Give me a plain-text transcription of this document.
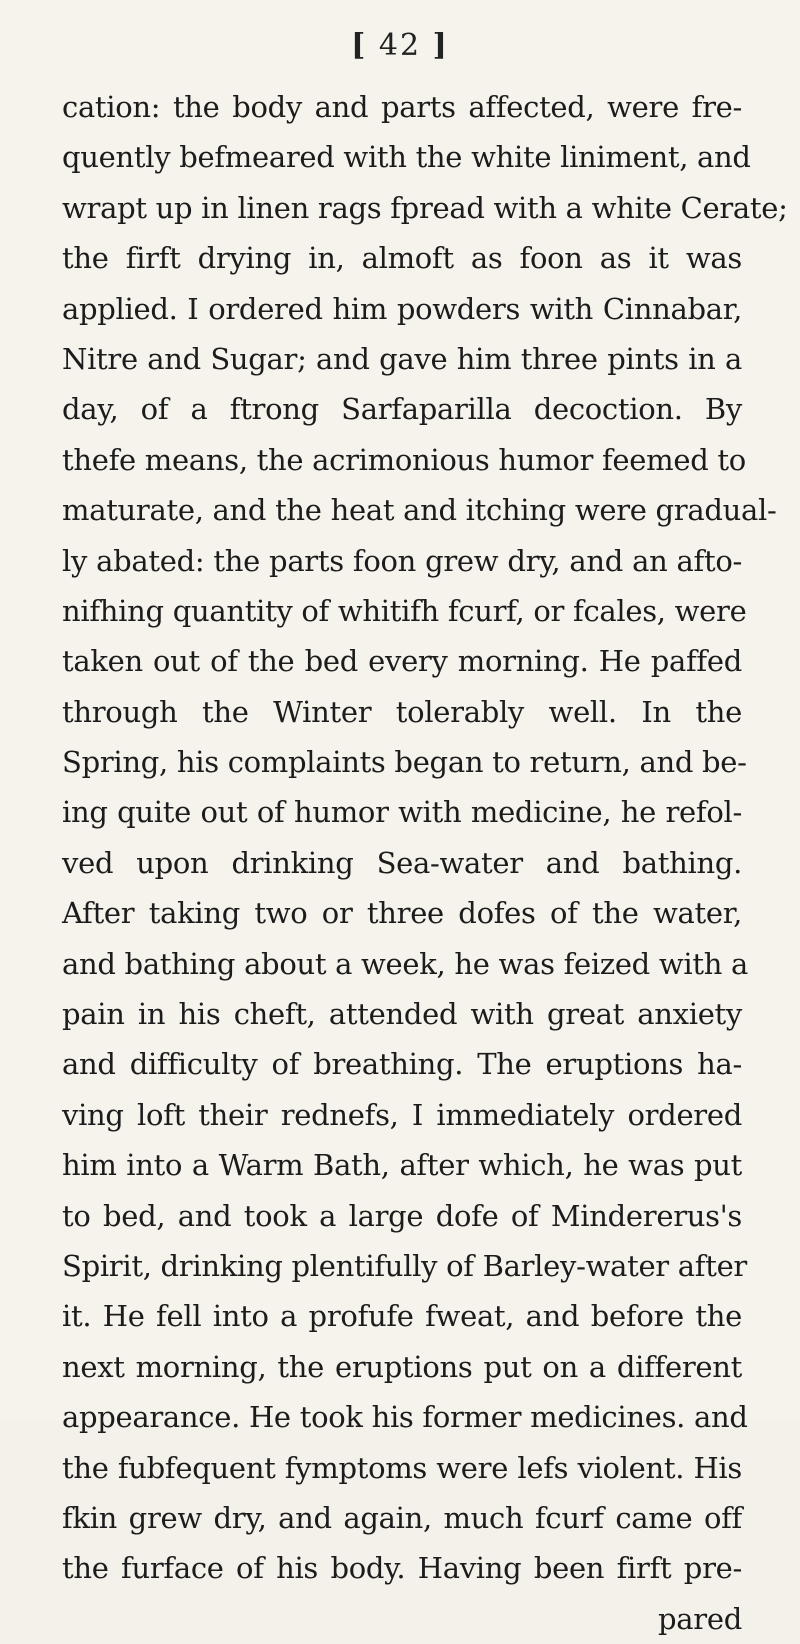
[ 42 ]
cation: the body and parts affected, were fre-
quently befmeared with the white liniment, and
wrapt up in linen rags fpread with a white Cerate;
the firft drying in, almoft as foon as it was
applied. I ordered him powders with Cinnabar,
Nitre and Sugar; and gave him three pints in a
day, of a ftrong Sarfaparilla decoction. By
thefe means, the acrimonious humor feemed to
maturate, and the heat and itching were gradual-
ly abated: the parts foon grew dry, and an afto-
nifhing quantity of whitifh fcurf, or fcales, were
taken out of the bed every morning. He paffed
through the Winter tolerably well. In the
Spring, his complaints began to return, and be-
ing quite out of humor with medicine, he refol-
ved upon drinking Sea-water and bathing.
After taking two or three dofes of the water,
and bathing about a week, he was feized with a
pain in his cheft, attended with great anxiety
and difficulty of breathing. The eruptions ha-
ving loft their rednefs, I immediately ordered
him into a Warm Bath, after which, he was put
to bed, and took a large dofe of Mindererus's
Spirit, drinking plentifully of Barley-water after
it. He fell into a profufe fweat, and before the
next morning, the eruptions put on a different
appearance. He took his former medicines. and
the fubfequent fymptoms were lefs violent. His
fkin grew dry, and again, much fcurf came off
the furface of his body. Having been firft pre-
pared
